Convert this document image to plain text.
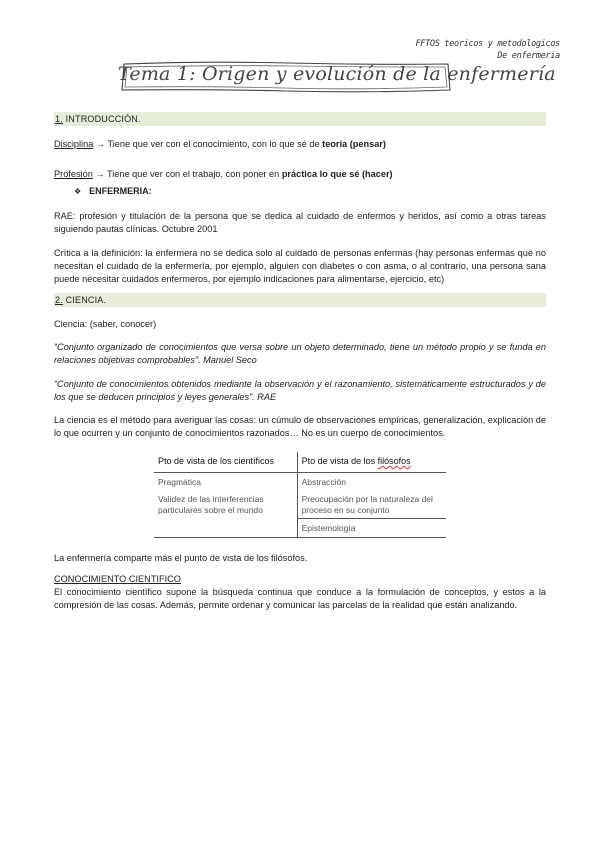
FFTOS teoricos y metodologicos
De enfermeria
Tema 1: Origen y evolución de la enfermería
1. INTRODUCCIÓN.

Disciplina → Tiene que ver con el conocimiento, con lo que sé de teoría (pensar)

Profesión → Tiene que ver con el trabajo, con poner en práctica lo que sé (hacer)

❖ ENFERMERIA:

RAE: profesión y titulación de la persona que se dedica al cuidado de enfermos y heridos, así como a otras tareas siguiendo pautas clínicas. Octubre 2001

Crítica a la definición: la enfermera no se dedica solo al cuidado de personas enfermas (hay personas enfermas que no necesitan el cuidado de la enfermería, por ejemplo, alguien con diabetes o con asma, o al contrario, una persona sana puede necesitar cuidados enfermeros, por ejemplo indicaciones para alimentarse, ejercicio, etc)

2. CIENCIA.

Ciencia: (saber, conocer)

“Conjunto organizado de conocimientos que versa sobre un objeto determinado, tiene un método propio y se funda en relaciones objetivas comprobables”. Manuel Seco

“Conjunto de conocimientos obtenidos mediante la observación y el razonamiento, sistemáticamente estructurados y de los que se deducen principios y leyes generales”. RAE

La ciencia es el método para averiguar las cosas: un cúmulo de observaciones empíricas, generalización, explicación de lo que ocurren y un conjunto de conocimientos razonados… No es un cuerpo de conocimientos.

Pto de vista de los científicos	Pto de vista de los filósofos
Pragmática	Abstracción
Validez de las interferencias particulares sobre el mundo	Preocupación por la naturaleza del proceso en su conjunto
	Epistemología

La enfermería comparte más el punto de vista de los filósofos.

CONOCIMIENTO CIENTIFICO

El conocimiento científico supone la búsqueda continua que conduce a la formulación de conceptos, y estos a la compresión de las cosas. Además, permite ordenar y comunicar las parcelas de la realidad que están analizando.
